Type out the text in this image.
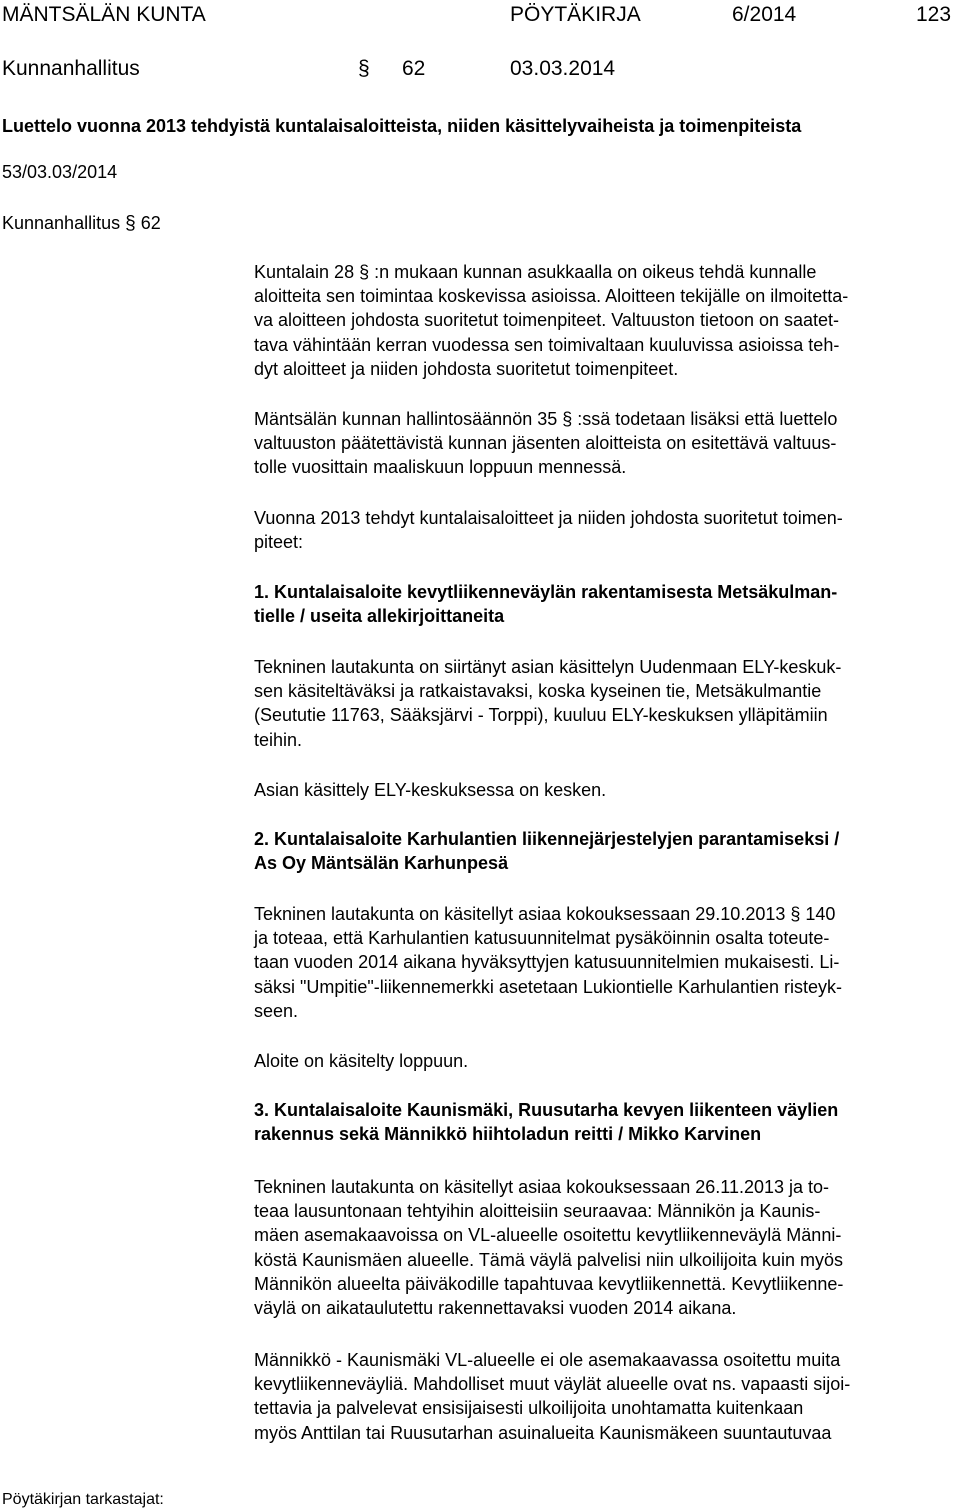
MÄNTSÄLÄN KUNTA	PÖYTÄKIRJA	6/2014	123
Kunnanhallitus	§ 62	03.03.2014
Luettelo vuonna 2013 tehdyistä kuntalaisaloitteista, niiden käsittelyvaiheista ja toimenpiteista
53/03.03/2014
Kunnanhallitus § 62
Kuntalain 28 § :n mukaan kunnan asukkaalla on oikeus tehdä kunnalle
aloitteita sen toimintaa koskevissa asioissa. Aloitteen tekijälle on ilmoitetta-
va aloitteen johdosta suoritetut toimenpiteet. Valtuuston tietoon on saatet-
tava vähintään kerran vuodessa sen toimivaltaan kuuluvissa asioissa teh-
dyt aloitteet ja niiden johdosta suoritetut toimenpiteet.
Mäntsälän kunnan hallintosäännön 35 § :ssä todetaan lisäksi että luettelo
valtuuston päätettävistä kunnan jäsenten aloitteista on esitettävä valtuus-
tolle vuosittain maaliskuun loppuun mennessä.
Vuonna 2013 tehdyt kuntalaisaloitteet ja niiden johdosta suoritetut toimen-
piteet:
1. Kuntalaisaloite kevytliikenneväylän rakentamisesta Metsäkulman-
tielle / useita allekirjoittaneita
Tekninen lautakunta on siirtänyt asian käsittelyn Uudenmaan ELY-keskuk-
sen käsiteltäväksi ja ratkaistavaksi, koska kyseinen tie, Metsäkulmantie
(Seututie 11763, Sääksjärvi - Torppi), kuuluu ELY-keskuksen ylläpitämiin
teihin.
Asian käsittely ELY-keskuksessa on kesken.
2. Kuntalaisaloite Karhulantien liikennejärjestelyjen parantamiseksi /
As Oy Mäntsälän Karhunpesä
Tekninen lautakunta on käsitellyt asiaa kokouksessaan 29.10.2013 § 140
ja toteaa, että Karhulantien katusuunnitelmat pysäköinnin osalta toteute-
taan vuoden 2014 aikana hyväksyttyjen katusuunnitelmien mukaisesti. Li-
säksi "Umpitie"-liikennemerkki asetetaan Lukiontielle Karhulantien risteyk-
seen.
Aloite on käsitelty loppuun.
3. Kuntalaisaloite Kaunismäki, Ruusutarha kevyen liikenteen väylien
rakennus sekä Männikkö hiihtoladun reitti / Mikko Karvinen
Tekninen lautakunta on käsitellyt asiaa kokouksessaan 26.11.2013 ja to-
teaa lausuntonaan tehtyihin aloitteisiin seuraavaa: Männikön ja Kaunis-
mäen asemakaavoissa on VL-alueelle osoitettu kevytliikenneväylä Männi-
köstä Kaunismäen alueelle. Tämä väylä palvelisi niin ulkoilijoita kuin myös
Männikön alueelta päiväkodille tapahtuvaa kevytliikennettä. Kevytliikenne-
väylä on aikataulutettu rakennettavaksi vuoden 2014 aikana.
Männikkö - Kaunismäki VL-alueelle ei ole asemakaavassa osoitettu muita
kevytliikenneväyliä. Mahdolliset muut väylät alueelle ovat ns. vapaasti sijoi-
tettavia ja palvelevat ensisijaisesti ulkoilijoita unohtamatta kuitenkaan
myös Anttilan tai Ruusutarhan asuinalueita Kaunismäkeen suuntautuvaa
Pöytäkirjan tarkastajat:
